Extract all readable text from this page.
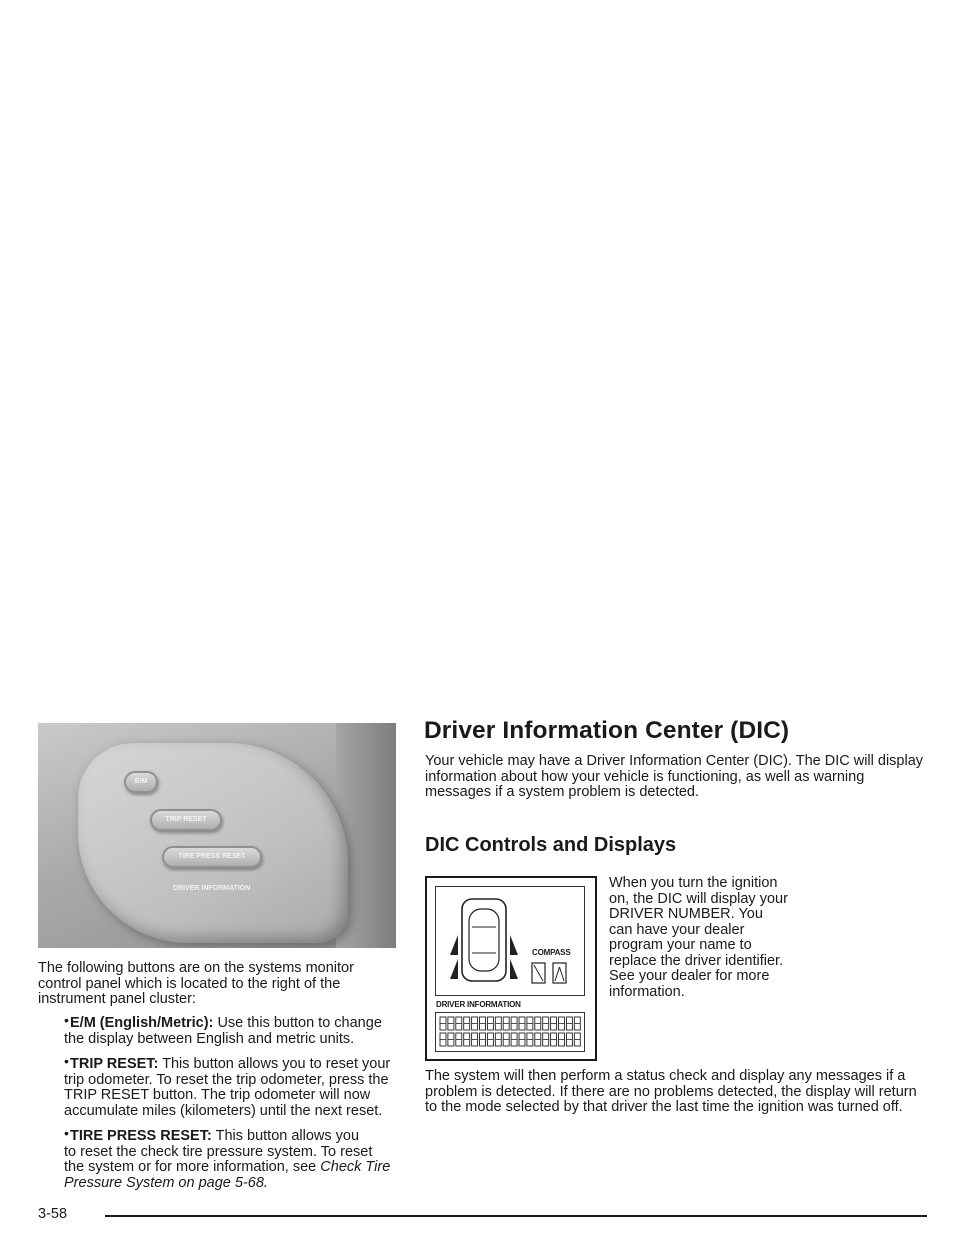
E/M
TRIP RESET
TIRE PRESS RESET
DRIVER INFORMATION
The following buttons are on the systems monitor control panel which is located to the right of the instrument panel cluster:
• E/M (English/Metric): Use this button to change
the display between English and metric units.
• TRIP RESET: This button allows you to reset your
trip odometer. To reset the trip odometer, press the TRIP RESET button. The trip odometer will now accumulate miles (kilometers) until the next reset.
• TIRE PRESS RESET: This button allows you
to reset the check tire pressure system. To reset the system or for more information, see Check Tire Pressure System on page 5-68.
Driver Information Center (DIC)
Your vehicle may have a Driver Information Center (DIC). The DIC will display information about how your vehicle is functioning, as well as warning messages if a system problem is detected.
DIC Controls and Displays
COMPASS
DRIVER INFORMATION
When you turn the ignition on, the DIC will display your DRIVER NUMBER. You can have your dealer program your name to replace the driver identifier. See your dealer for more information.
The system will then perform a status check and display any messages if a problem is detected. If there are no problems detected, the display will return to the mode selected by that driver the last time the ignition was turned off.
3-58
